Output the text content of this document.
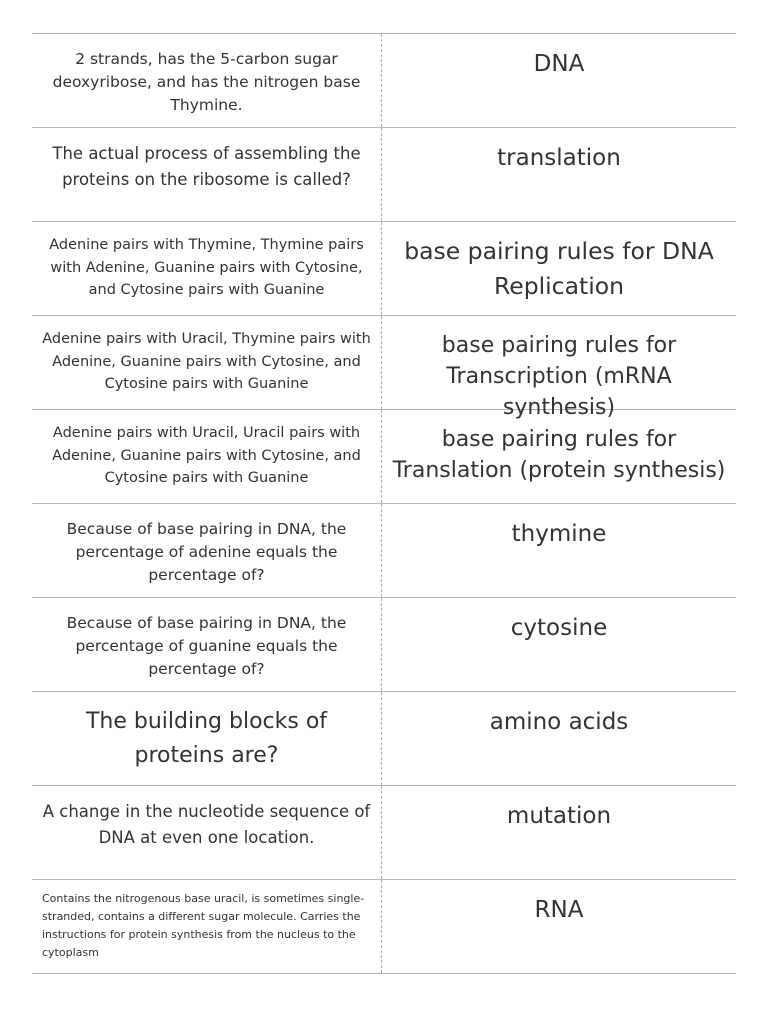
2 strands, has the 5-carbon sugar deoxyribose, and has the nitrogen base Thymine.
DNA
The actual process of assembling the proteins on the ribosome is called?
translation
Adenine pairs with Thymine, Thymine pairs with Adenine, Guanine pairs with Cytosine, and Cytosine pairs with Guanine
base pairing rules for DNA Replication
Adenine pairs with Uracil, Thymine pairs with Adenine, Guanine pairs with Cytosine, and Cytosine pairs with Guanine
base pairing rules for Transcription (mRNA synthesis)
Adenine pairs with Uracil, Uracil pairs with Adenine, Guanine pairs with Cytosine, and Cytosine pairs with Guanine
base pairing rules for Translation (protein synthesis)
Because of base pairing in DNA, the percentage of adenine equals the percentage of?
thymine
Because of base pairing in DNA, the percentage of guanine equals the percentage of?
cytosine
The building blocks of proteins are?
amino acids
A change in the nucleotide sequence of DNA at even one location.
mutation
Contains the nitrogenous base uracil, is sometimes single-stranded, contains a different sugar molecule. Carries the instructions for protein synthesis from the nucleus to the cytoplasm
RNA
